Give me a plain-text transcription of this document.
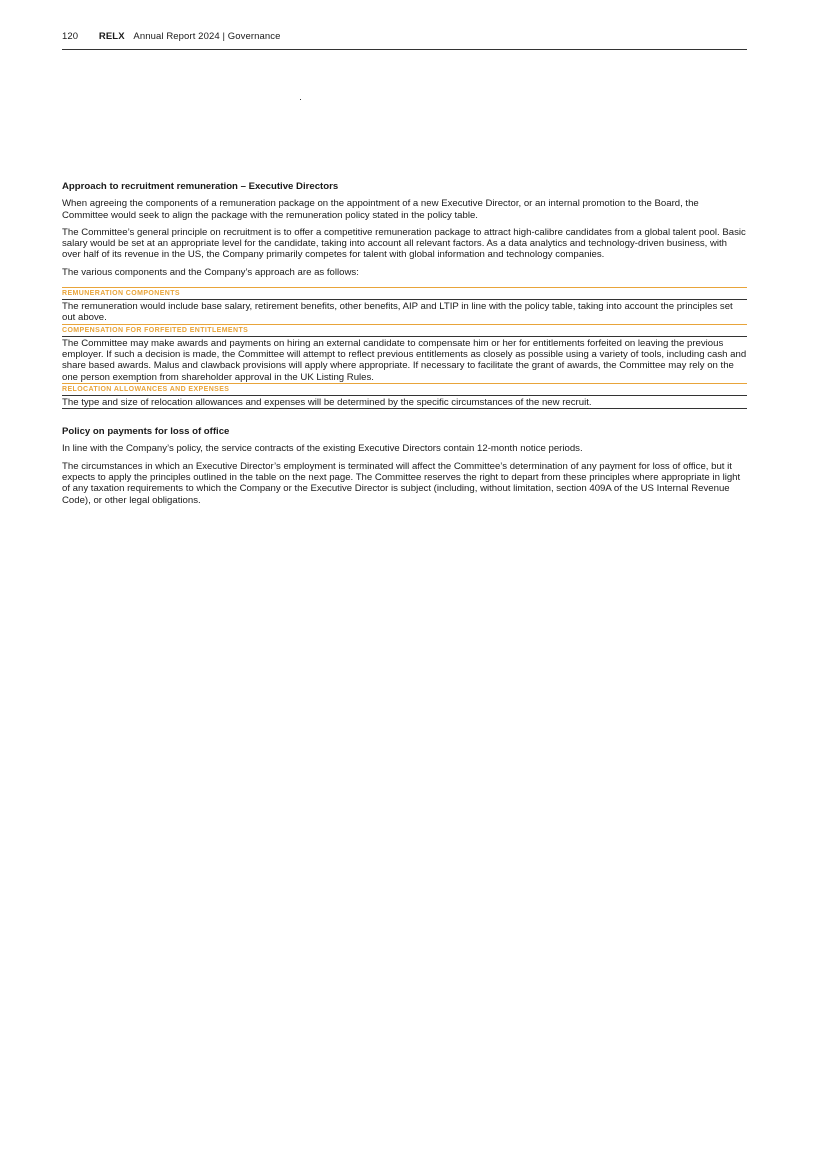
120 RELX Annual Report 2024 | Governance

Approach to recruitment remuneration – Executive Directors

When agreeing the components of a remuneration package on the appointment of a new Executive Director, or an internal promotion to the Board, the Committee would seek to align the package with the remuneration policy stated in the policy table.

The Committee’s general principle on recruitment is to offer a competitive remuneration package to attract high-calibre candidates from a global talent pool. Basic salary would be set at an appropriate level for the candidate, taking into account all relevant factors. As a data analytics and technology-driven business, with over half of its revenue in the US, the Company primarily competes for talent with global information and technology companies.

The various components and the Company’s approach are as follows:

REMUNERATION COMPONENTS
The remuneration would include base salary, retirement benefits, other benefits, AIP and LTIP in line with the policy table, taking into account the principles set out above.
COMPENSATION FOR FORFEITED ENTITLEMENTS
The Committee may make awards and payments on hiring an external candidate to compensate him or her for entitlements forfeited on leaving the previous employer. If such a decision is made, the Committee will attempt to reflect previous entitlements as closely as possible using a variety of tools, including cash and share based awards. Malus and clawback provisions will apply where appropriate. If necessary to facilitate the grant of awards, the Committee may rely on the one person exemption from shareholder approval in the UK Listing Rules.
RELOCATION ALLOWANCES AND EXPENSES
The type and size of relocation allowances and expenses will be determined by the specific circumstances of the new recruit.

Policy on payments for loss of office

In line with the Company’s policy, the service contracts of the existing Executive Directors contain 12-month notice periods.

The circumstances in which an Executive Director’s employment is terminated will affect the Committee’s determination of any payment for loss of office, but it expects to apply the principles outlined in the table on the next page. The Committee reserves the right to depart from these principles where appropriate in light of any taxation requirements to which the Company or the Executive Director is subject (including, without limitation, section 409A of the US Internal Revenue Code), or other legal obligations.
